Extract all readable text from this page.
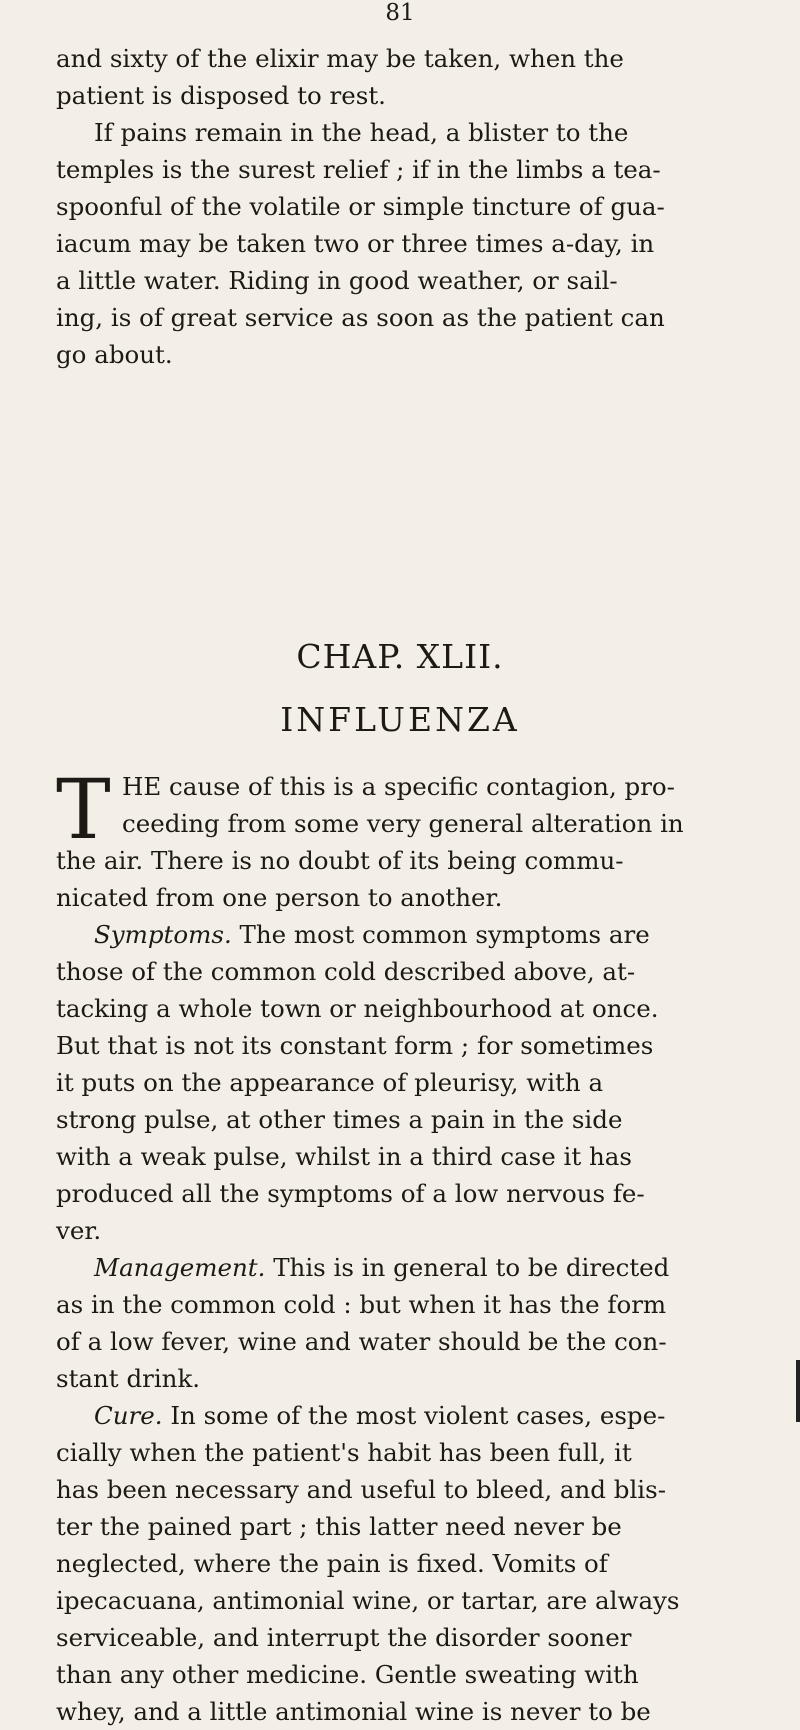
81
and sixty of the elixir may be taken, when the
patient is disposed to rest.
If pains remain in the head, a blister to the
temples is the surest relief ; if in the limbs a tea-
spoonful of the volatile or simple tincture of gua-
iacum may be taken two or three times a-day, in
a little water. Riding in good weather, or sail-
ing, is of great service as soon as the patient can
go about.
CHAP. XLII.
INFLUENZA
T HE cause of this is a specific contagion, pro-
ceeding from some very general alteration in
the air. There is no doubt of its being commu-
nicated from one person to another.
Symptoms. The most common symptoms are
those of the common cold described above, at-
tacking a whole town or neighbourhood at once.
But that is not its constant form ; for sometimes
it puts on the appearance of pleurisy, with a
strong pulse, at other times a pain in the side
with a weak pulse, whilst in a third case it has
produced all the symptoms of a low nervous fe-
ver.
Management. This is in general to be directed
as in the common cold : but when it has the form
of a low fever, wine and water should be the con-
stant drink.
Cure. In some of the most violent cases, espe-
cially when the patient's habit has been full, it
has been necessary and useful to bleed, and blis-
ter the pained part ; this latter need never be
neglected, where the pain is fixed. Vomits of
ipecacuana, antimonial wine, or tartar, are always
serviceable, and interrupt the disorder sooner
than any other medicine. Gentle sweating with
whey, and a little antimonial wine is never to be
